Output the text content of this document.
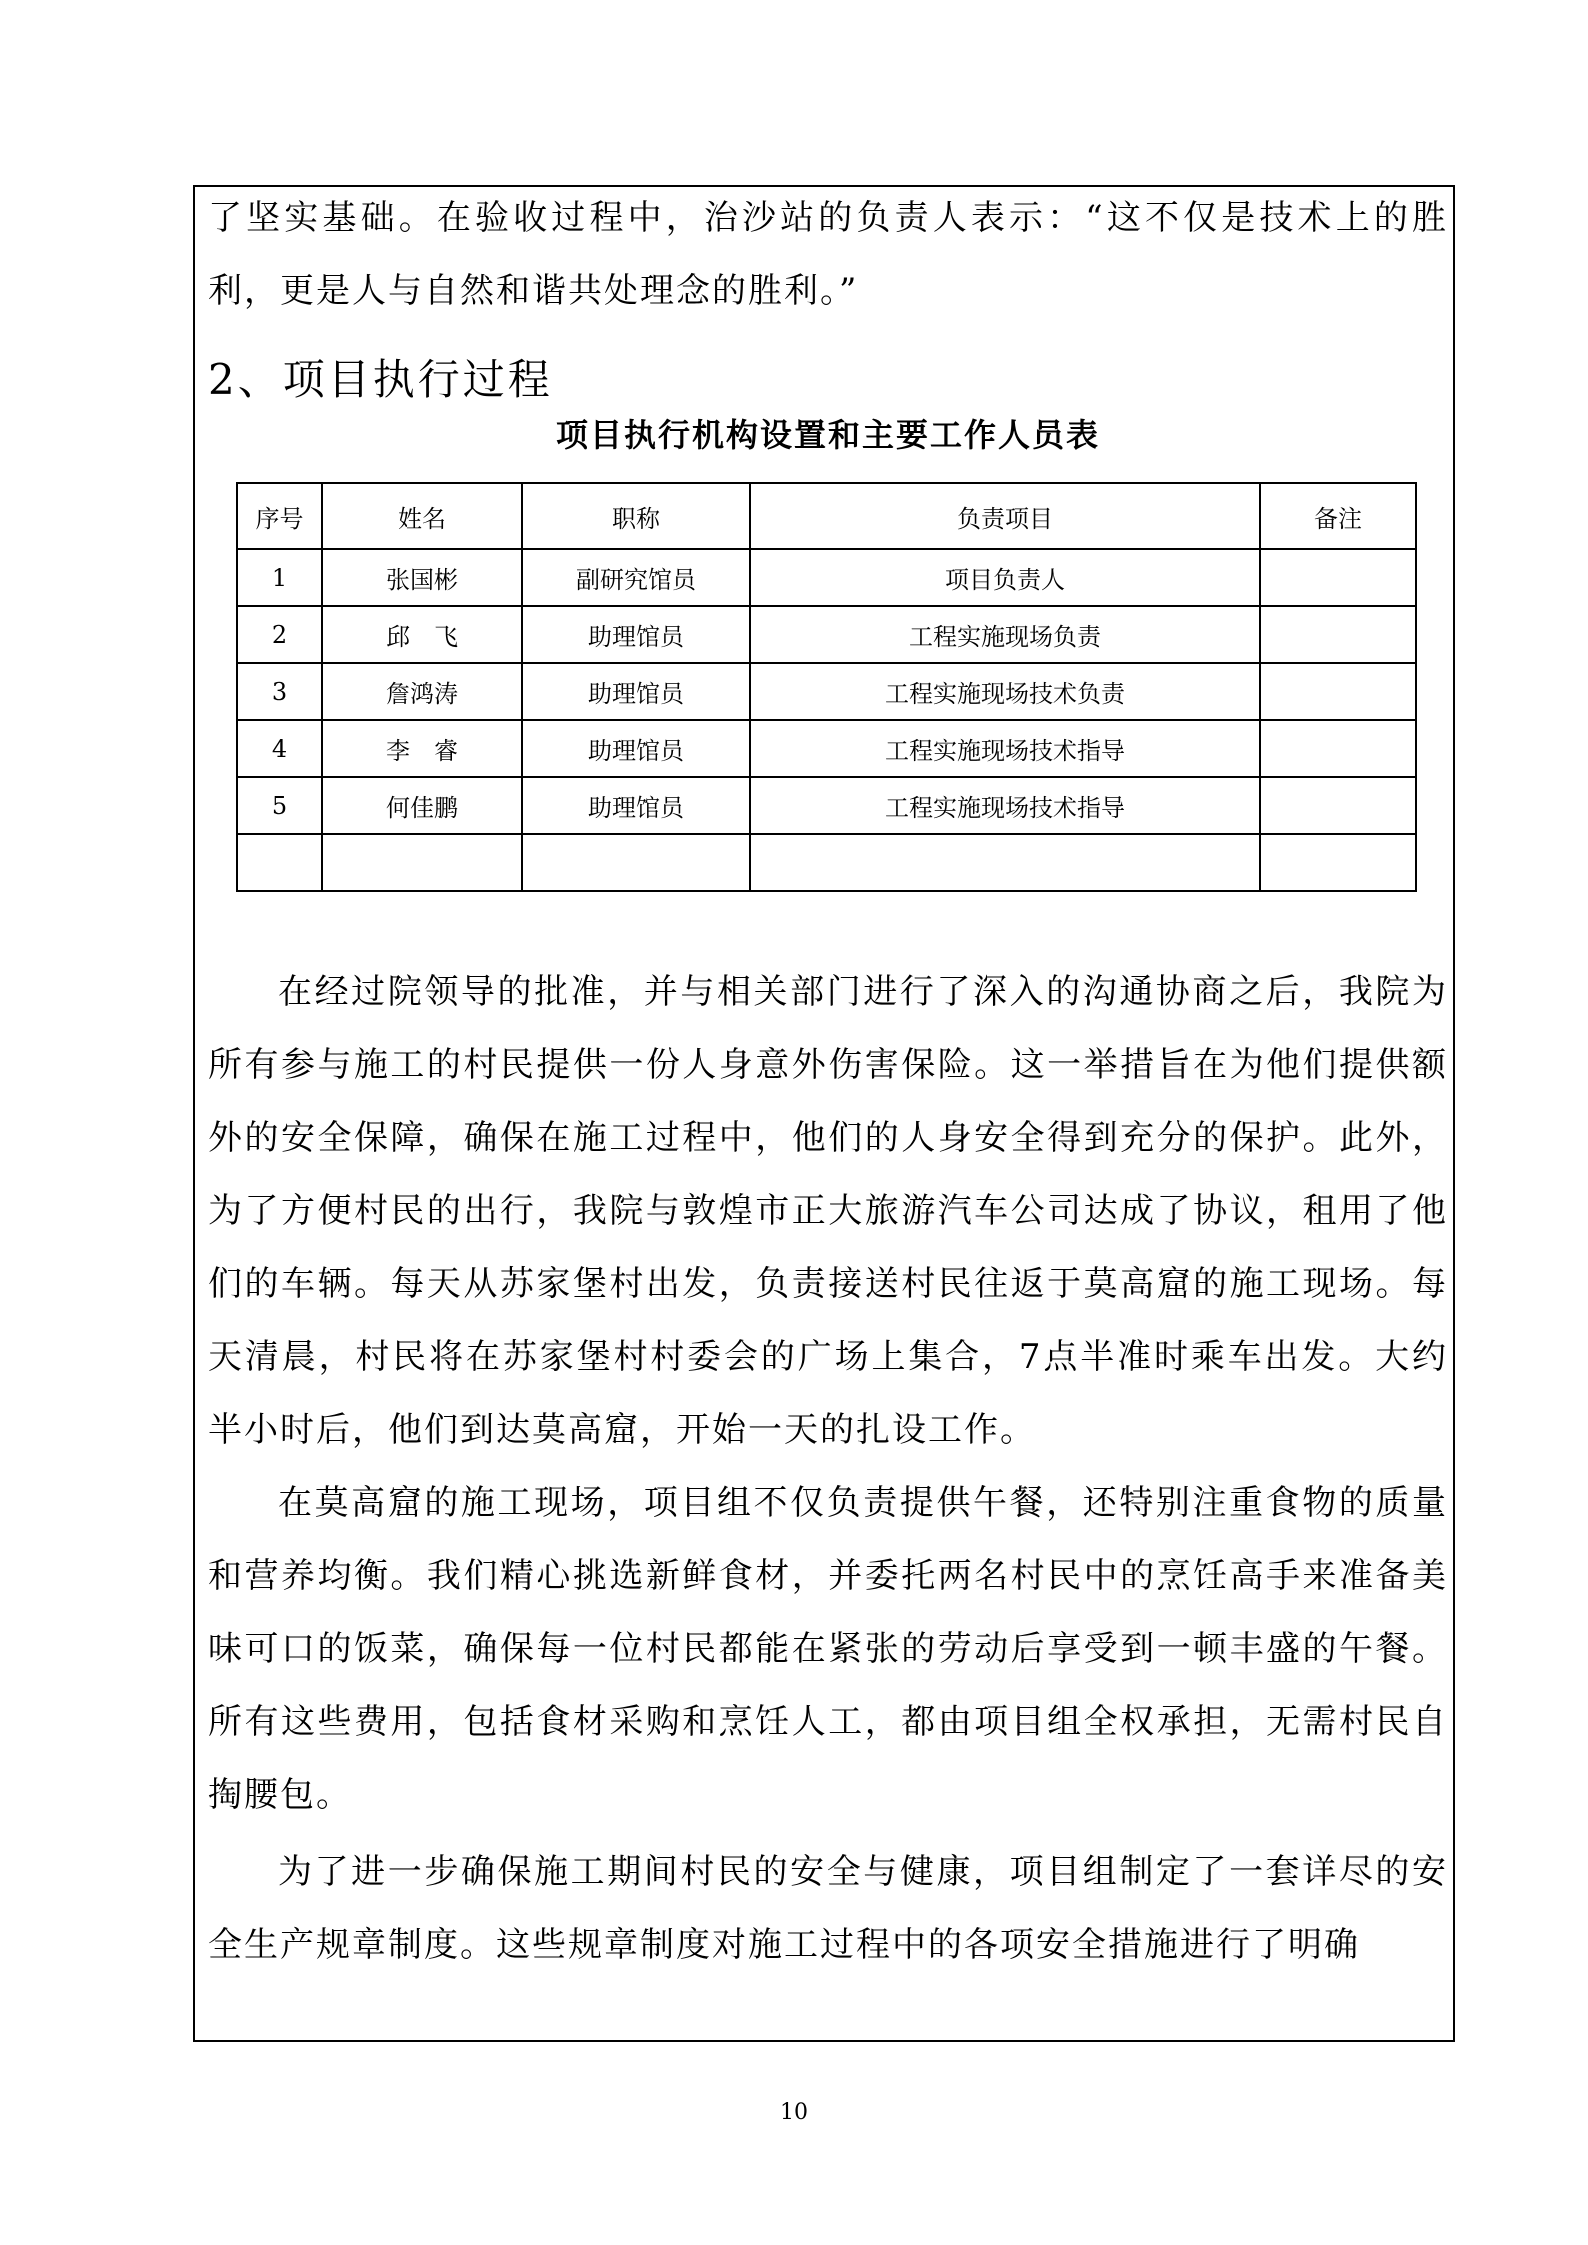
了坚实基础。在验收过程中，治沙站的负责人表示：“这不仅是技术上的胜利，更是人与自然和谐共处理念的胜利。”

2、项目执行过程
项目执行机构设置和主要工作人员表
序号	姓名	职称	负责项目	备注
1	张国彬	副研究馆员	项目负责人	
2	邱　飞	助理馆员	工程实施现场负责	
3	詹鸿涛	助理馆员	工程实施现场技术负责	
4	李　睿	助理馆员	工程实施现场技术指导	
5	何佳鹏	助理馆员	工程实施现场技术指导	

在经过院领导的批准，并与相关部门进行了深入的沟通协商之后，我院为所有参与施工的村民提供一份人身意外伤害保险。这一举措旨在为他们提供额外的安全保障，确保在施工过程中，他们的人身安全得到充分的保护。此外，为了方便村民的出行，我院与敦煌市正大旅游汽车公司达成了协议，租用了他们的车辆。每天从苏家堡村出发，负责接送村民往返于莫高窟的施工现场。每天清晨，村民将在苏家堡村村委会的广场上集合，7点半准时乘车出发。大约半小时后，他们到达莫高窟，开始一天的扎设工作。

在莫高窟的施工现场，项目组不仅负责提供午餐，还特别注重食物的质量和营养均衡。我们精心挑选新鲜食材，并委托两名村民中的烹饪高手来准备美味可口的饭菜，确保每一位村民都能在紧张的劳动后享受到一顿丰盛的午餐。所有这些费用，包括食材采购和烹饪人工，都由项目组全权承担，无需村民自掏腰包。

为了进一步确保施工期间村民的安全与健康，项目组制定了一套详尽的安全生产规章制度。这些规章制度对施工过程中的各项安全措施进行了明确

10
